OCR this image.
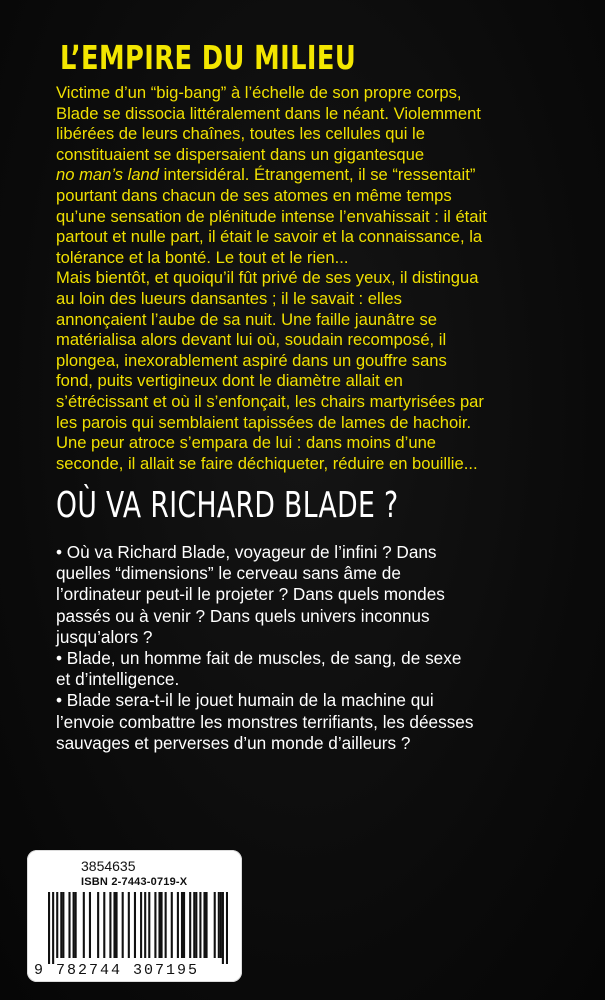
L’EMPIRE DU MILIEU

Victime d’un “big-bang” à l’échelle de son propre corps,

Blade se dissocia littéralement dans le néant. Violemment

libérées de leurs chaînes, toutes les cellules qui le

constituaient se dispersaient dans un gigantesque

no man’s land intersidéral. Étrangement, il se “ressentait”

pourtant dans chacun de ses atomes en même temps

qu’une sensation de plénitude intense l’envahissait : il était

partout et nulle part, il était le savoir et la connaissance, la

tolérance et la bonté. Le tout et le rien...

Mais bientôt, et quoiqu’il fût privé de ses yeux, il distingua

au loin des lueurs dansantes ; il le savait : elles

annonçaient l’aube de sa nuit. Une faille jaunâtre se

matérialisa alors devant lui où, soudain recomposé, il

plongea, inexorablement aspiré dans un gouffre sans

fond, puits vertigineux dont le diamètre allait en

s’étrécissant et où il s’enfonçait, les chairs martyrisées par

les parois qui semblaient tapissées de lames de hachoir.

Une peur atroce s’empara de lui : dans moins d’une

seconde, il allait se faire déchiqueter, réduire en bouillie...

OÙ VA RICHARD BLADE ?

• Où va Richard Blade, voyageur de l’infini ? Dans

quelles “dimensions” le cerveau sans âme de

l’ordinateur peut-il le projeter ? Dans quels mondes

passés ou à venir ? Dans quels univers inconnus

jusqu’alors ?

• Blade, un homme fait de muscles, de sang, de sexe

et d’intelligence.

• Blade sera-t-il le jouet humain de la machine qui

l’envoie combattre les monstres terrifiants, les déesses

sauvages et perverses d’un monde d’ailleurs ?

3854635
ISBN 2-7443-0719-X
9 782744 307195
